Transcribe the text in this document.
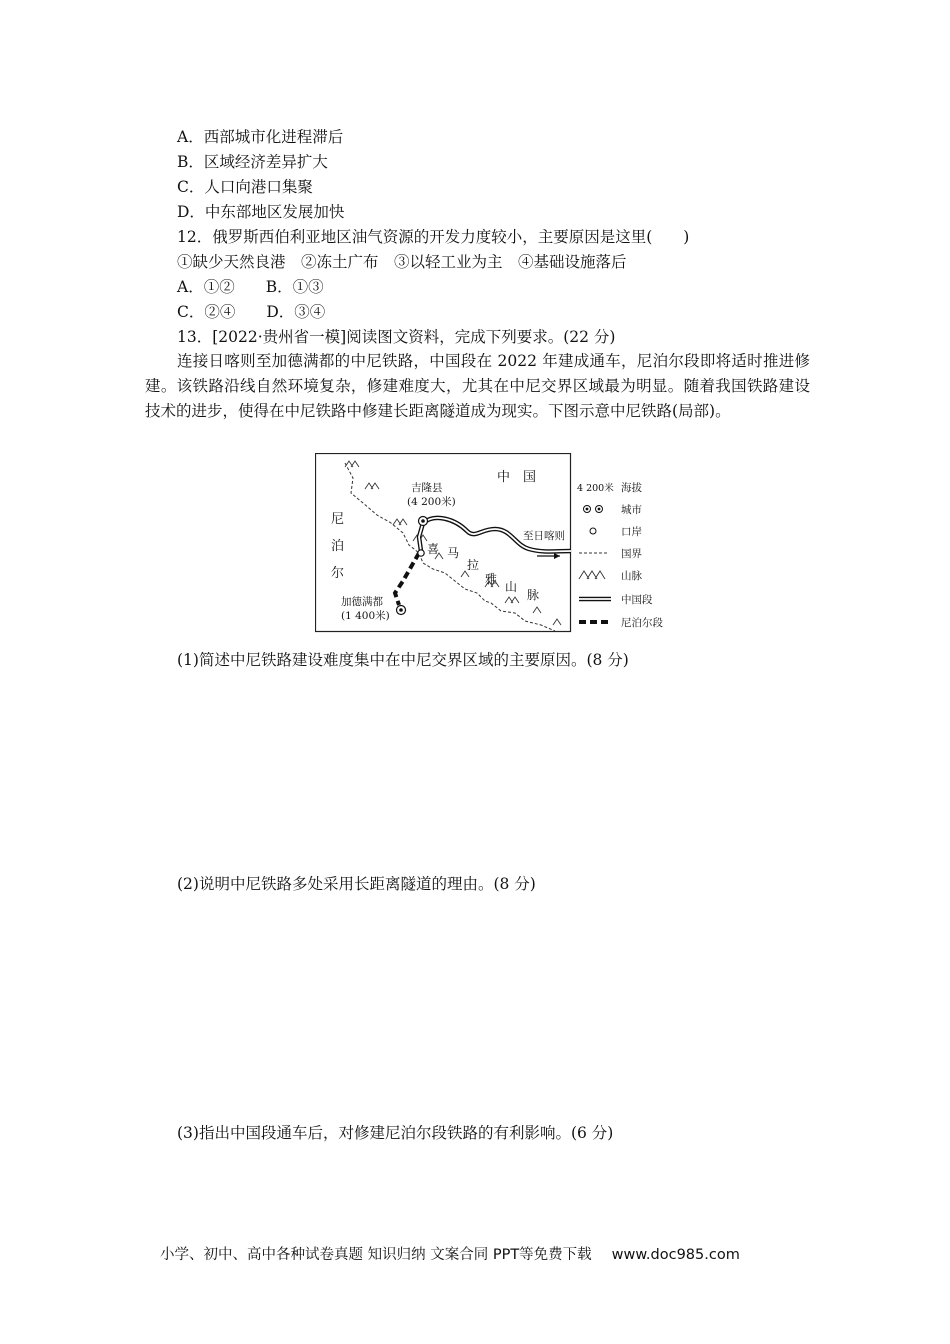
A．西部城市化进程滞后
B．区域经济差异扩大
C．人口向港口集聚
D．中东部地区发展加快
12．俄罗斯西伯利亚地区油气资源的开发力度较小，主要原因是这里(　　)
①缺少天然良港　②冻土广布　③以轻工业为主　④基础设施落后
A．①②　　B．①③
C．②④　　D．③④
13．[2022·贵州省一模]阅读图文资料，完成下列要求。(22 分)
连接日喀则至加德满都的中尼铁路，中国段在 2022 年建成通车，尼泊尔段即将适时推进修建。该铁路沿线自然环境复杂，修建难度大，尤其在中尼交界区域最为明显。随着我国铁路建设技术的进步，使得在中尼铁路中修建长距离隧道成为现实。下图示意中尼铁路(局部)。
中　国
尼
泊
尔
喜 马
拉
雅
山
脉
吉隆县
(4 200米)
加德满都
(1 400米)
至日喀则
4 200米 海拔
城市
口岸
国界
山脉
中国段
尼泊尔段
(1)简述中尼铁路建设难度集中在中尼交界区域的主要原因。(8 分)
(2)说明中尼铁路多处采用长距离隧道的理由。(8 分)
(3)指出中国段通车后，对修建尼泊尔段铁路的有利影响。(6 分)
小学、初中、高中各种试卷真题 知识归纳 文案合同 PPT等免费下载 www.doc985.com
